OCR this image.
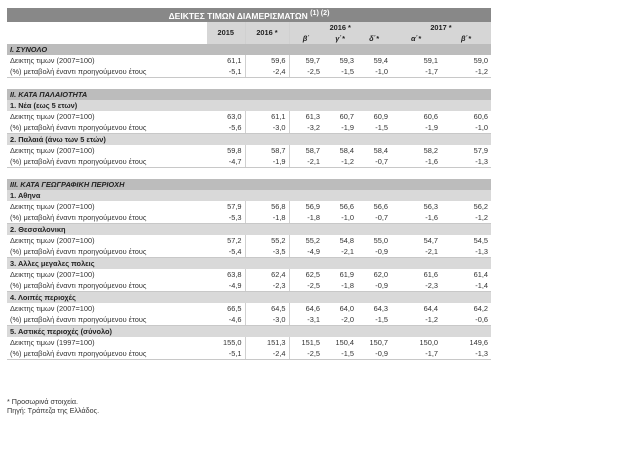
ΔΕΙΚΤΕΣ ΤΙΜΩΝ ΔΙΑΜΕΡΙΣΜΑΤΩΝ $^{(1) (2)}$
	2015	2016 *	2016 *			2017 *	
			β΄	γ΄*	δ΄*	α΄*	β΄*
I. ΣΥΝΟΛΟ							
Δεικτης τιμων (2007=100)	61,1	59,6	59,7	59,3	59,4	59,1	59,0
(%) μεταβολή έναντι προηγούμενου έτους	-5,1	-2,4	-2,5	-1,5	-1,0	-1,7	-1,2

II. ΚΑΤΑ ΠΑΛΑΙΟΤΗΤΑ							
1. Νέα (εως 5 ετων)							
Δεικτης τιμων (2007=100)	63,0	61,1	61,3	60,7	60,9	60,6	60,6
(%) μεταβολή έναντι προηγούμενου έτους	-5,6	-3,0	-3,2	-1,9	-1,5	-1,9	-1,0
2. Παλαιά (άνω των 5 ετών)							
Δεικτης τιμων (2007=100)	59,8	58,7	58,7	58,4	58,4	58,2	57,9
(%) μεταβολή έναντι προηγούμενου έτους	-4,7	-1,9	-2,1	-1,2	-0,7	-1,6	-1,3

III. ΚΑΤΑ ΓΕΩΓΡΑΦΙΚΗ ΠΕΡΙΟΧΗ							
1. Αθηνα							
Δεικτης τιμων (2007=100)	57,9	56,8	56,9	56,6	56,6	56,3	56,2
(%) μεταβολή έναντι προηγούμενου έτους	-5,3	-1,8	-1,8	-1,0	-0,7	-1,6	-1,2
2. Θεσσαλονικη							
Δεικτης τιμων (2007=100)	57,2	55,2	55,2	54,8	55,0	54,7	54,5
(%) μεταβολή έναντι προηγούμενου έτους	-5,4	-3,5	-4,9	-2,1	-0,9	-2,1	-1,3
3. Αλλες μεγαλες πολεις							
Δεικτης τιμων (2007=100)	63,8	62,4	62,5	61,9	62,0	61,6	61,4
(%) μεταβολή έναντι προηγούμενου έτους	-4,9	-2,3	-2,5	-1,8	-0,9	-2,3	-1,4
4. Λοιπές περιοχές							
Δεικτης τιμων (2007=100)	66,5	64,5	64,6	64,0	64,3	64,4	64,2
(%) μεταβολή έναντι προηγούμενου έτους	-4,6	-3,0	-3,1	-2,0	-1,5	-1,2	-0,6
5. Αστικές περιοχές (σύνολο)							
Δεικτης τιμων (1997=100)	155,0	151,3	151,5	150,4	150,7	150,0	149,6
(%) μεταβολή έναντι προηγούμενου έτους	-5,1	-2,4	-2,5	-1,5	-0,9	-1,7	-1,3
* Προσωρινά στοιχεία.
Πηγή: Τράπεζα της Ελλάδος.
